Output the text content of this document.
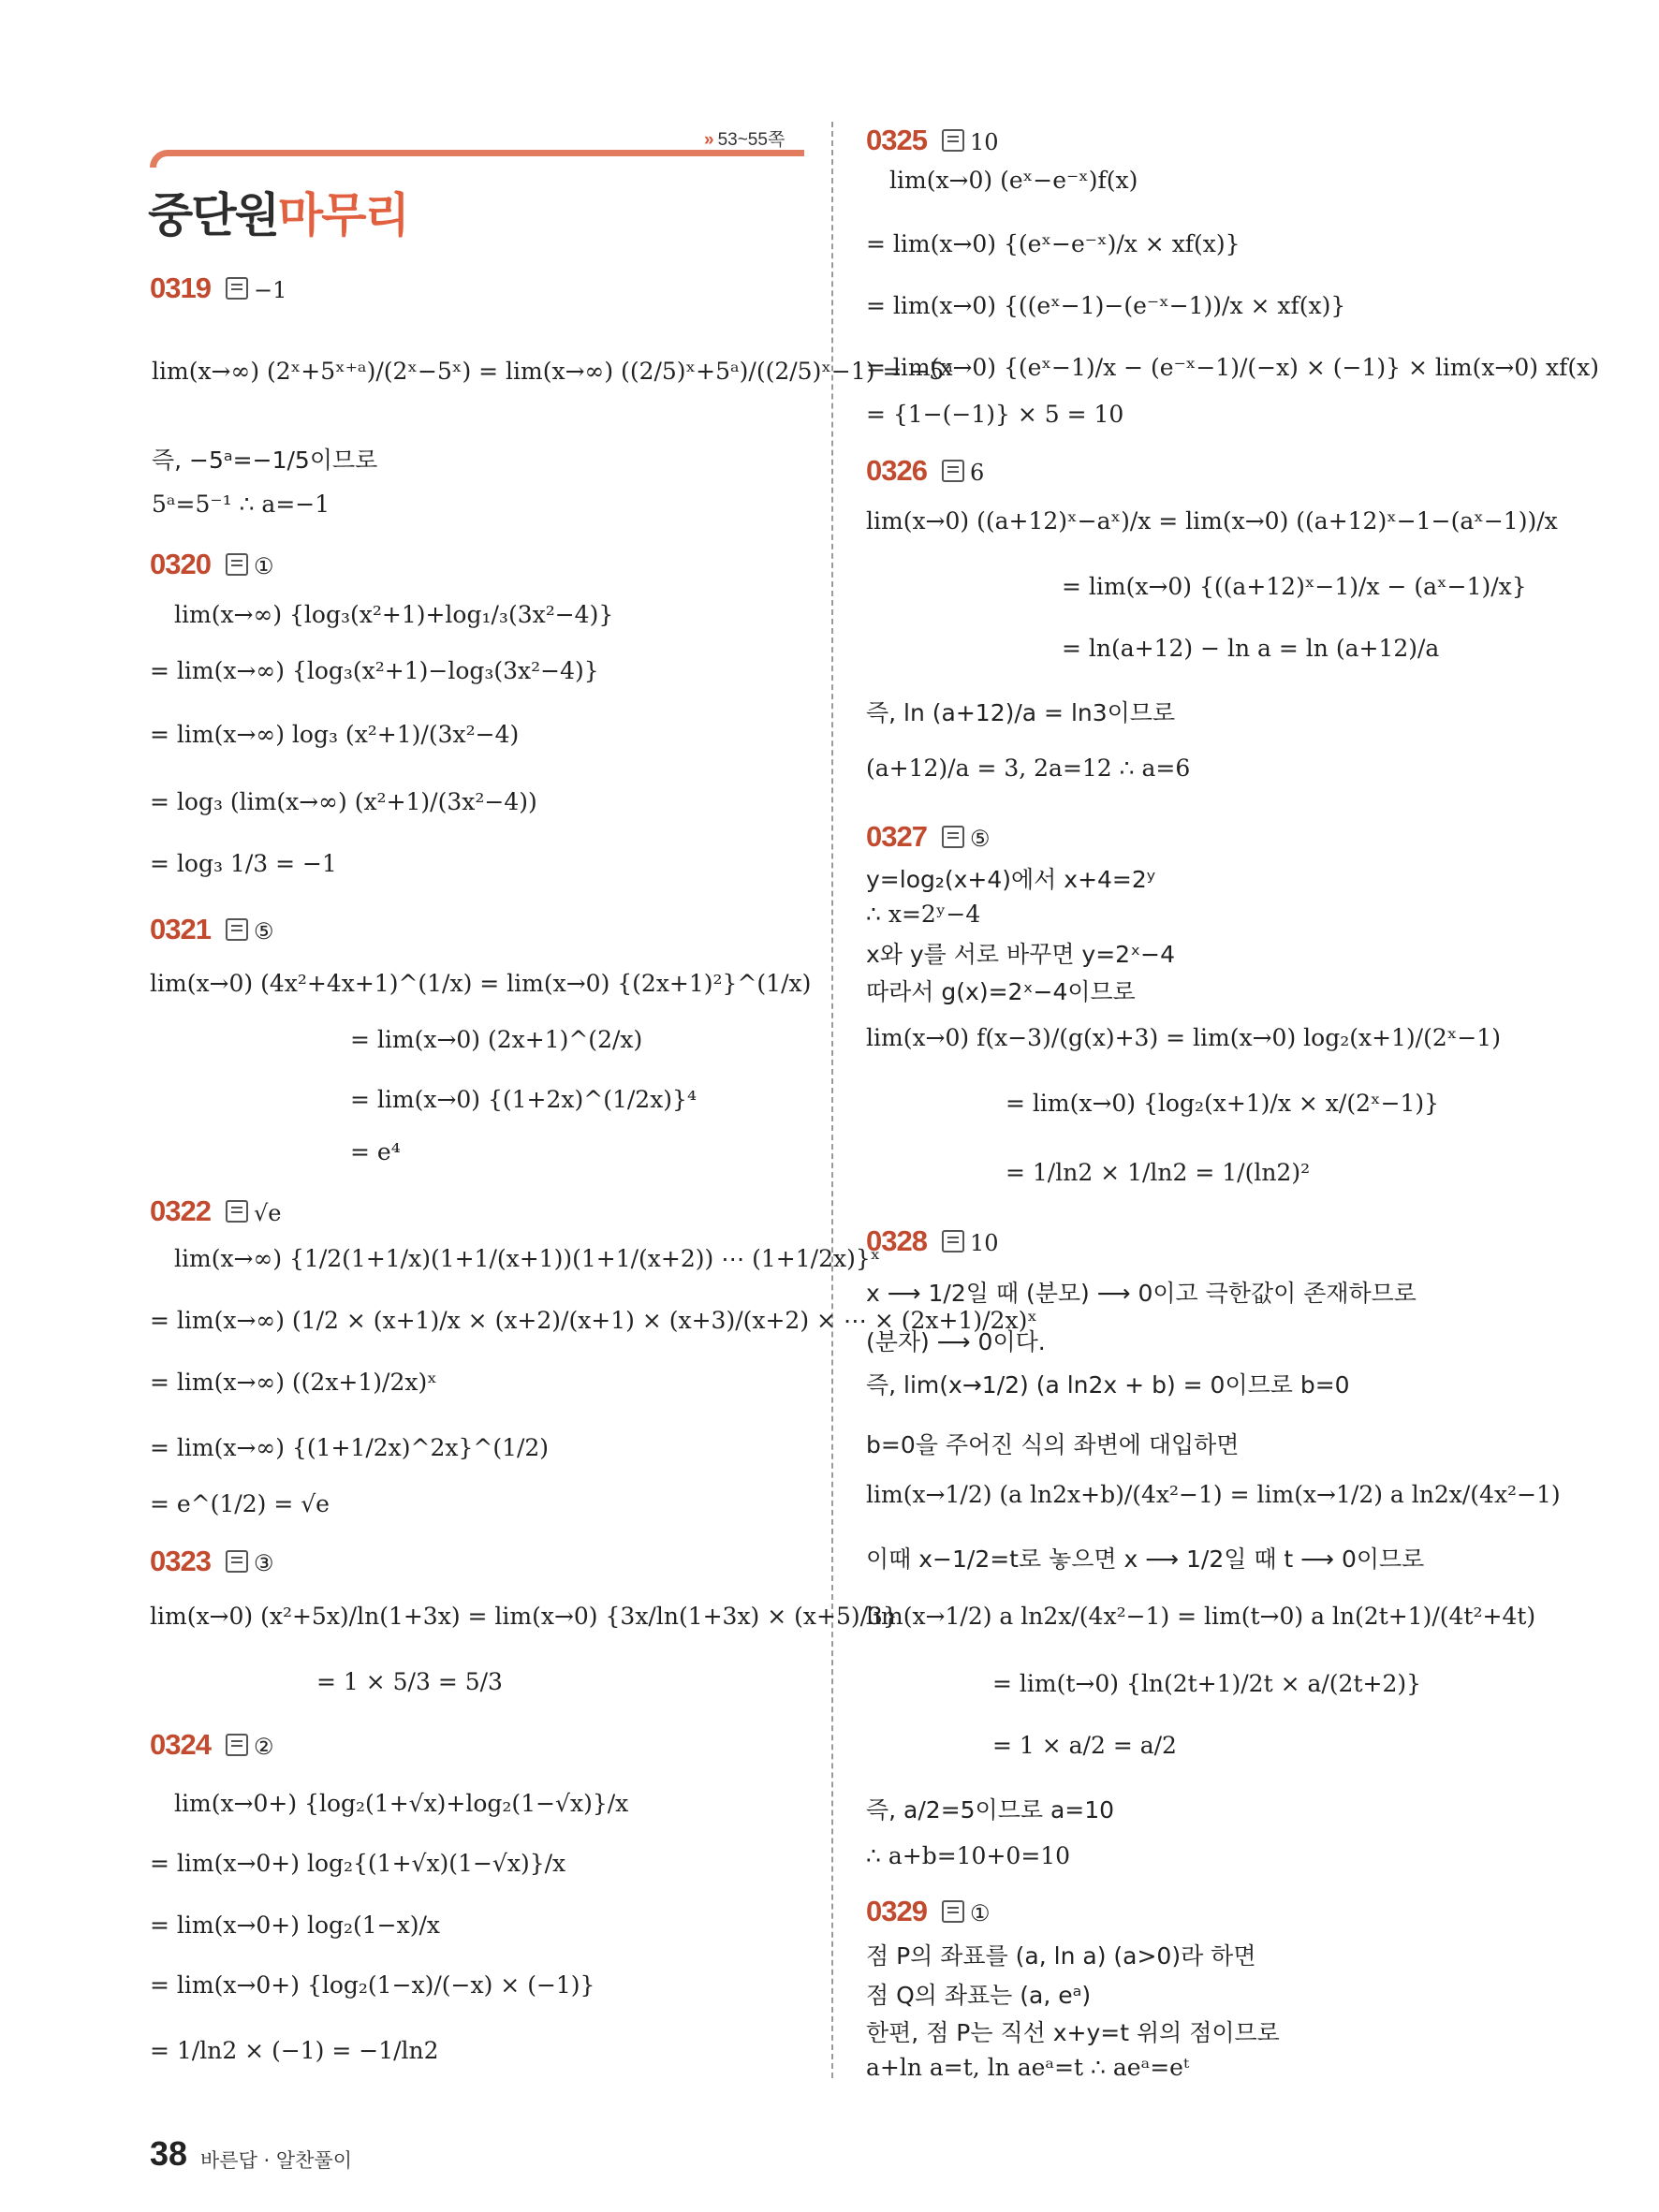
» 53~55쪽
중단원마무리
0319 −1
lim(x→∞) (2ˣ+5ˣ⁺ᵃ)/(2ˣ−5ˣ) = lim(x→∞) ((2/5)ˣ+5ᵃ)/((2/5)ˣ−1) = −5ᵃ
즉, −5ᵃ=−1/5이므로
5ᵃ=5⁻¹ ∴ a=−1
0320 ①
lim(x→∞) {log₃(x²+1)+log₁/₃(3x²−4)}
= lim(x→∞) {log₃(x²+1)−log₃(3x²−4)}
= lim(x→∞) log₃ (x²+1)/(3x²−4)
= log₃ (lim(x→∞) (x²+1)/(3x²−4))
= log₃ 1/3 = −1
0321 ⑤
lim(x→0) (4x²+4x+1)^(1/x) = lim(x→0) {(2x+1)²}^(1/x)
= lim(x→0) (2x+1)^(2/x)
= lim(x→0) {(1+2x)^(1/2x)}⁴
= e⁴
0322 √e
lim(x→∞) {1/2(1+1/x)(1+1/(x+1))(1+1/(x+2)) ⋯ (1+1/2x)}ˣ
= lim(x→∞) (1/2 × (x+1)/x × (x+2)/(x+1) × (x+3)/(x+2) × ⋯ × (2x+1)/2x)ˣ
= lim(x→∞) ((2x+1)/2x)ˣ
= lim(x→∞) {(1+1/2x)^2x}^(1/2)
= e^(1/2) = √e
0323 ③
lim(x→0) (x²+5x)/ln(1+3x) = lim(x→0) {3x/ln(1+3x) × (x+5)/3}
= 1 × 5/3 = 5/3
0324 ②
lim(x→0+) {log₂(1+√x)+log₂(1−√x)}/x
= lim(x→0+) log₂{(1+√x)(1−√x)}/x
= lim(x→0+) log₂(1−x)/x
= lim(x→0+) {log₂(1−x)/(−x) × (−1)}
= 1/ln2 × (−1) = −1/ln2
0325 10
lim(x→0) (eˣ−e⁻ˣ)f(x)
= lim(x→0) {(eˣ−e⁻ˣ)/x × xf(x)}
= lim(x→0) {((eˣ−1)−(e⁻ˣ−1))/x × xf(x)}
= lim(x→0) {(eˣ−1)/x − (e⁻ˣ−1)/(−x) × (−1)} × lim(x→0) xf(x)
= {1−(−1)} × 5 = 10
0326 6
lim(x→0) ((a+12)ˣ−aˣ)/x = lim(x→0) ((a+12)ˣ−1−(aˣ−1))/x
= lim(x→0) {((a+12)ˣ−1)/x − (aˣ−1)/x}
= ln(a+12) − ln a = ln (a+12)/a
즉, ln (a+12)/a = ln3이므로
(a+12)/a = 3, 2a=12 ∴ a=6
0327 ⑤
y=log₂(x+4)에서 x+4=2ʸ
∴ x=2ʸ−4
x와 y를 서로 바꾸면 y=2ˣ−4
따라서 g(x)=2ˣ−4이므로
lim(x→0) f(x−3)/(g(x)+3) = lim(x→0) log₂(x+1)/(2ˣ−1)
= lim(x→0) {log₂(x+1)/x × x/(2ˣ−1)}
= 1/ln2 × 1/ln2 = 1/(ln2)²
0328 10
x ⟶ 1/2일 때 (분모) ⟶ 0이고 극한값이 존재하므로
(분자) ⟶ 0이다.
즉, lim(x→1/2) (a ln2x + b) = 0이므로 b=0
b=0을 주어진 식의 좌변에 대입하면
lim(x→1/2) (a ln2x+b)/(4x²−1) = lim(x→1/2) a ln2x/(4x²−1)
이때 x−1/2=t로 놓으면 x ⟶ 1/2일 때 t ⟶ 0이므로
lim(x→1/2) a ln2x/(4x²−1) = lim(t→0) a ln(2t+1)/(4t²+4t)
= lim(t→0) {ln(2t+1)/2t × a/(2t+2)}
= 1 × a/2 = a/2
즉, a/2=5이므로 a=10
∴ a+b=10+0=10
0329 ①
점 P의 좌표를 (a, ln a) (a>0)라 하면
점 Q의 좌표는 (a, eᵃ)
한편, 점 P는 직선 x+y=t 위의 점이므로
a+ln a=t, ln aeᵃ=t ∴ aeᵃ=eᵗ
38 바른답 · 알찬풀이
